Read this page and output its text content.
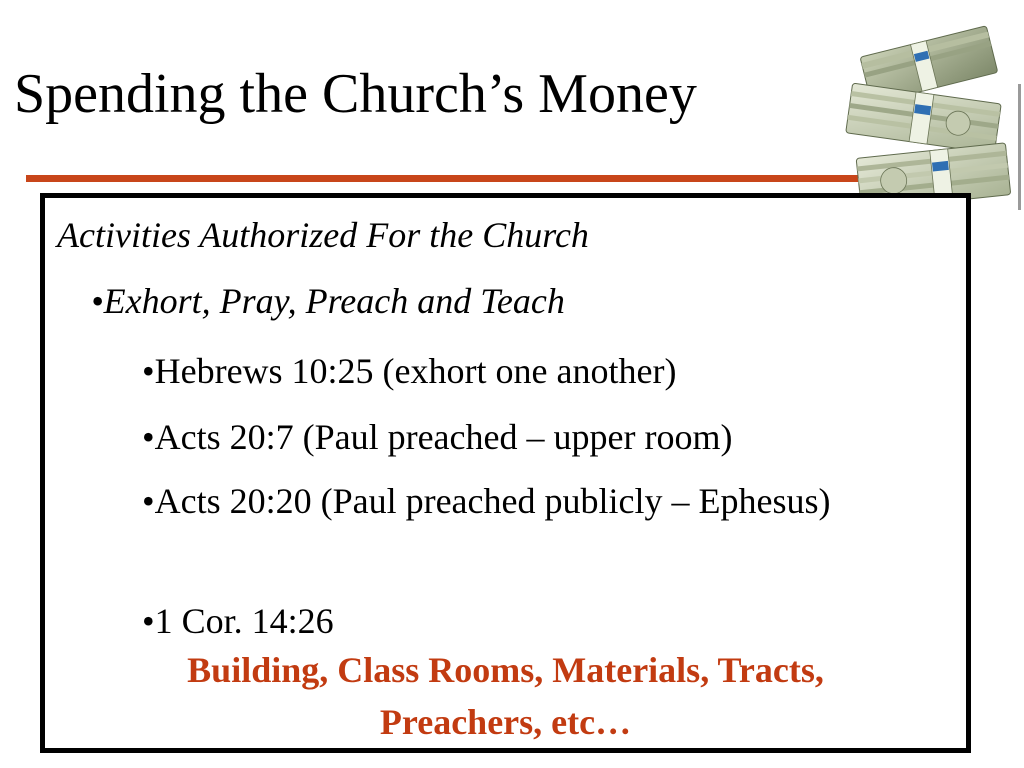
Spending the Church’s Money
Activities Authorized For the Church
•Exhort, Pray, Preach and Teach
•Hebrews 10:25 (exhort one another)
•Acts 20:7 (Paul preached – upper room)
•Acts 20:20 (Paul preached publicly – Ephesus)
•1 Cor. 14:26
Building, Class Rooms, Materials, Tracts,
Preachers, etc…
